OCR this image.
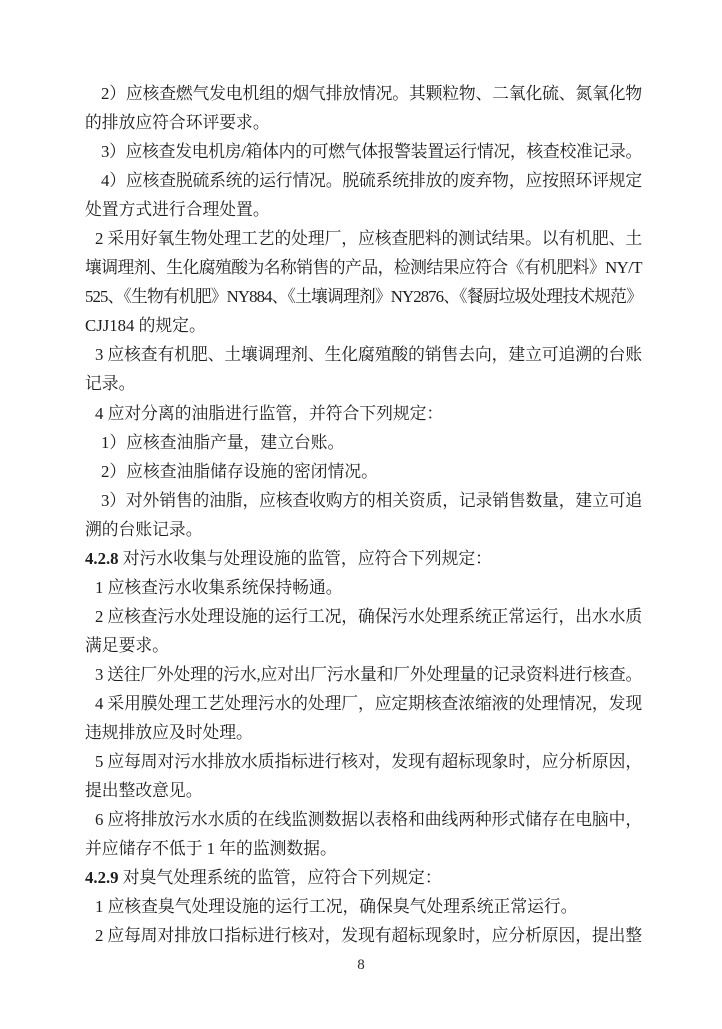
2）应核查燃气发电机组的烟气排放情况。其颗粒物、二氧化硫、氮氧化物
的排放应符合环评要求。
3）应核查发电机房/箱体内的可燃气体报警装置运行情况，核查校准记录。
4）应核查脱硫系统的运行情况。脱硫系统排放的废弃物，应按照环评规定
处置方式进行合理处置。
2 采用好氧生物处理工艺的处理厂，应核查肥料的测试结果。以有机肥、土
壤调理剂、生化腐殖酸为名称销售的产品，检测结果应符合《有机肥料》NY/T
525、《生物有机肥》NY884、《土壤调理剂》NY2876、《餐厨垃圾处理技术规范》
CJJ184 的规定。
3 应核查有机肥、土壤调理剂、生化腐殖酸的销售去向，建立可追溯的台账
记录。
4 应对分离的油脂进行监管，并符合下列规定：
1）应核查油脂产量，建立台账。
2）应核查油脂储存设施的密闭情况。
3）对外销售的油脂，应核查收购方的相关资质，记录销售数量，建立可追
溯的台账记录。
4.2.8 对污水收集与处理设施的监管，应符合下列规定：
1 应核查污水收集系统保持畅通。
2 应核查污水处理设施的运行工况，确保污水处理系统正常运行，出水水质
满足要求。
3 送往厂外处理的污水,应对出厂污水量和厂外处理量的记录资料进行核查。
4 采用膜处理工艺处理污水的处理厂，应定期核查浓缩液的处理情况，发现
违规排放应及时处理。
5 应每周对污水排放水质指标进行核对，发现有超标现象时，应分析原因，
提出整改意见。
6 应将排放污水水质的在线监测数据以表格和曲线两种形式储存在电脑中，
并应储存不低于 1 年的监测数据。
4.2.9 对臭气处理系统的监管，应符合下列规定：
1 应核查臭气处理设施的运行工况，确保臭气处理系统正常运行。
2 应每周对排放口指标进行核对，发现有超标现象时，应分析原因，提出整
8
